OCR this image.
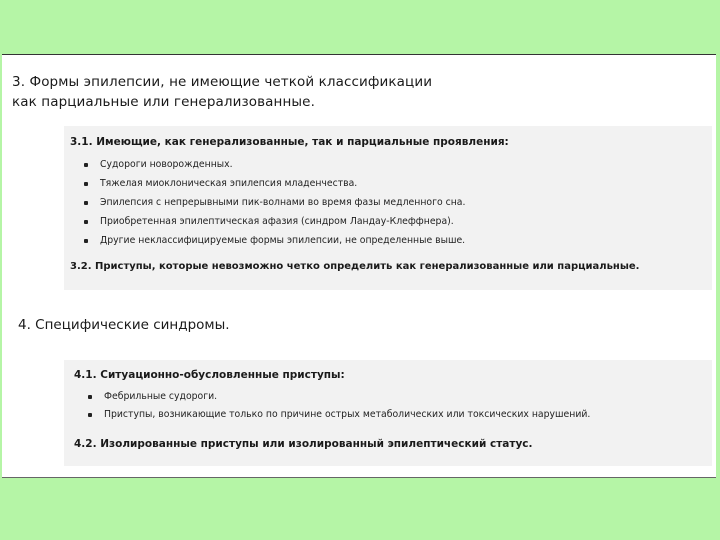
3. Формы эпилепсии, не имеющие четкой классификации
как парциальные или генерализованные.
3.1. Имеющие, как генерализованные, так и парциальные проявления:
Судороги новорожденных.
Тяжелая миоклоническая эпилепсия младенчества.
Эпилепсия с непрерывными пик-волнами во время фазы медленного сна.
Приобретенная эпилептическая афазия (синдром Ландау-Клеффнера).
Другие неклассифицируемые формы эпилепсии, не определенные выше.
3.2. Приступы, которые невозможно четко определить как генерализованные или парциальные.
4. Специфические синдромы.
4.1. Ситуационно-обусловленные приступы:
Фебрильные судороги.
Приступы, возникающие только по причине острых метаболических или токсических нарушений.
4.2. Изолированные приступы или изолированный эпилептический статус.
